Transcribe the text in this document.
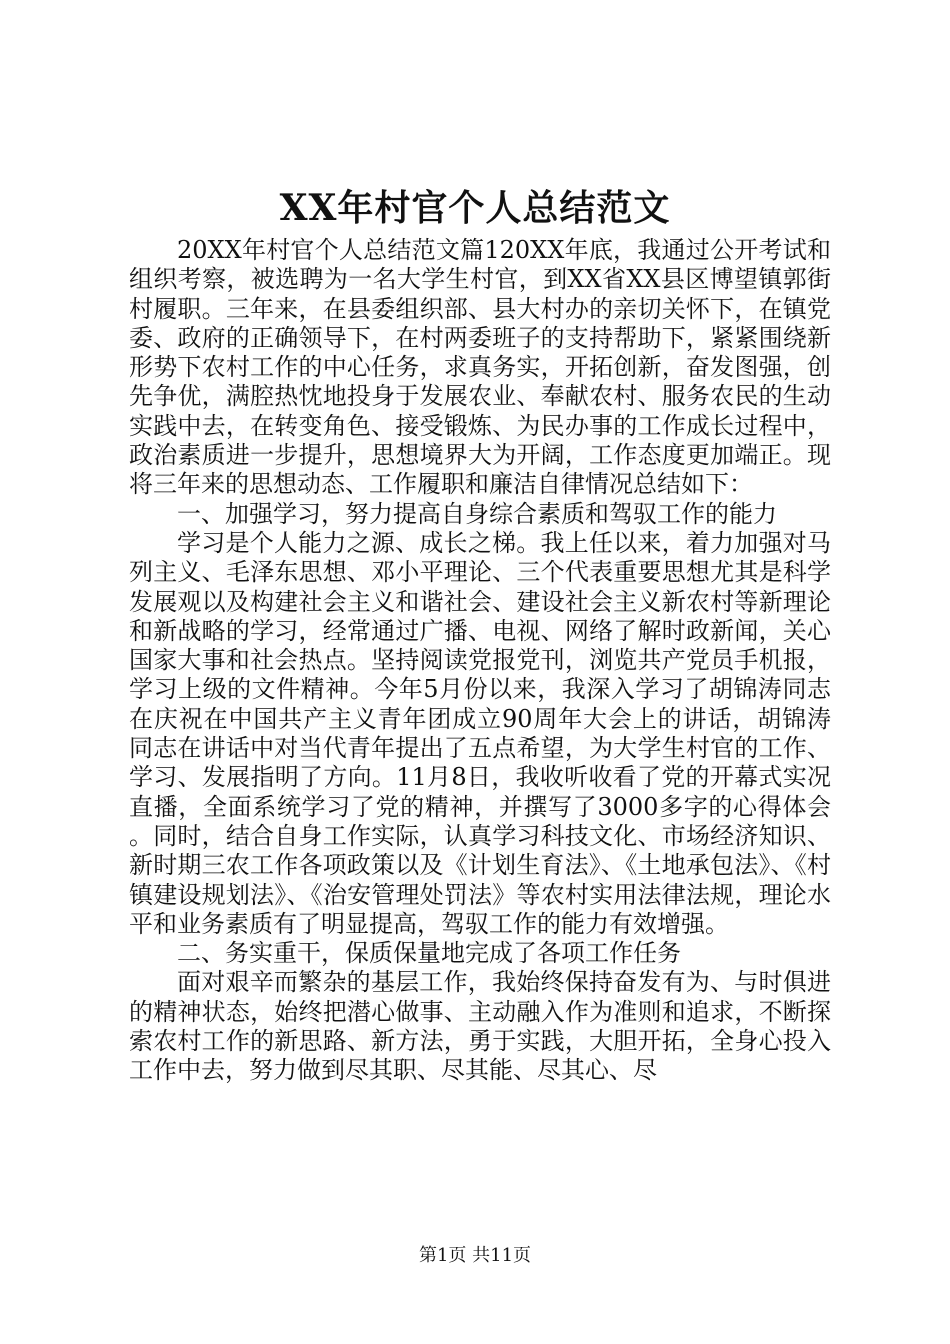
XX年村官个人总结范文

20XX年村官个人总结范文篇120XX年底，我通过公开考试和组织考察，被选聘为一名大学生村官，到XX省XX县区博望镇郭街村履职。三年来，在县委组织部、县大村办的亲切关怀下，在镇党委、政府的正确领导下，在村两委班子的支持帮助下，紧紧围绕新形势下农村工作的中心任务，求真务实，开拓创新，奋发图强，创先争优，满腔热忱地投身于发展农业、奉献农村、服务农民的生动实践中去，在转变角色、接受锻炼、为民办事的工作成长过程中，政治素质进一步提升，思想境界大为开阔，工作态度更加端正。现将三年来的思想动态、工作履职和廉洁自律情况总结如下：

一、加强学习，努力提高自身综合素质和驾驭工作的能力

学习是个人能力之源、成长之梯。我上任以来，着力加强对马列主义、毛泽东思想、邓小平理论、三个代表重要思想尤其是科学发展观以及构建社会主义和谐社会、建设社会主义新农村等新理论和新战略的学习，经常通过广播、电视、网络了解时政新闻，关心国家大事和社会热点。坚持阅读党报党刊，浏览共产党员手机报，学习上级的文件精神。今年5月份以来，我深入学习了胡锦涛同志在庆祝在中国共产主义青年团成立90周年大会上的讲话，胡锦涛同志在讲话中对当代青年提出了五点希望，为大学生村官的工作、学习、发展指明了方向。11月8日，我收听收看了党的开幕式实况直播，全面系统学习了党的精神，并撰写了3000多字的心得体会。同时，结合自身工作实际，认真学习科技文化、市场经济知识、新时期三农工作各项政策以及《计划生育法》、《土地承包法》、《村镇建设规划法》、《治安管理处罚法》等农村实用法律法规，理论水平和业务素质有了明显提高，驾驭工作的能力有效增强。

二、务实重干，保质保量地完成了各项工作任务

面对艰辛而繁杂的基层工作，我始终保持奋发有为、与时俱进的精神状态，始终把潜心做事、主动融入作为准则和追求，不断探索农村工作的新思路、新方法，勇于实践，大胆开拓，全身心投入工作中去，努力做到尽其职、尽其能、尽其心、尽

第1页 共11页
